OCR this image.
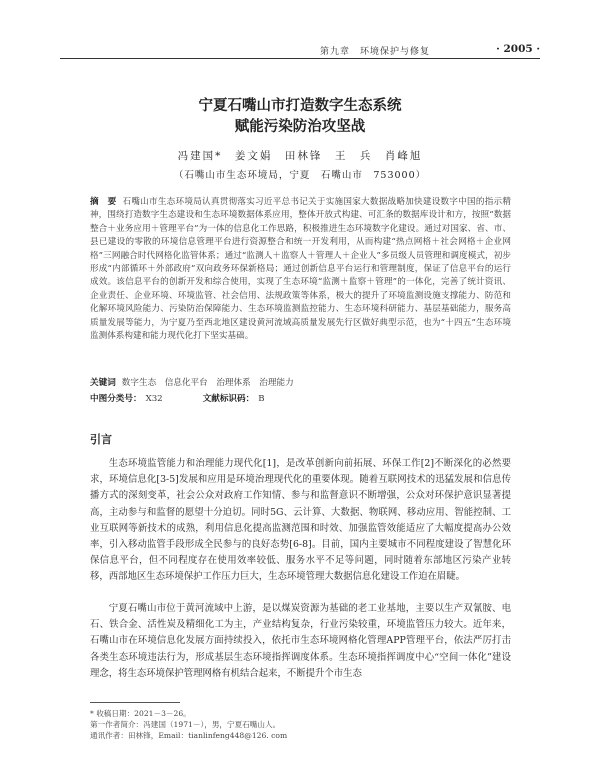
第九章　环境保护与修复	· 2005 ·
宁夏石嘴山市打造数字生态系统
赋能污染防治攻坚战
冯建国*　姜文娟　田林锋　王　兵　肖峰旭
（石嘴山市生态环境局，宁夏　石嘴山市　753000）
摘　要 石嘴山市生态环境局认真贯彻落实习近平总书记关于实施国家大数据战略加快建设数字中国的指示精神，围绕打造数字生态建设和生态环境数据体系应用，整体开放式构建、可汇条的数据库设计和方，按照“数据整合＋业务应用＋管理平台”为一体的信息化工作思路，积极推进生态环境数字化建设。通过对国家、省、市、县已建设的零散的环境信息管理平台进行资源整合和统一开发利用，从而构建“热点网格＋社会网格＋企业网格”三网融合时代网格化监管体系；通过“监测人＋监察人＋管理人＋企业人”多员级人员管理和调度模式，初步形成“内部循环＋外部政府”双向政务环保新格局；通过创新信息平台运行和管理制度，保证了信息平台的运行成效。该信息平台的创新开发和综合使用，实现了生态环境“监测＋监察＋管理”的一体化，完善了统计资讯、企业责任、企业环境、环境监管、社会信用、法规政策等体系，极大的提升了环境监测设施支撑能力、防范和化解环境风险能力、污染防治保障能力、生态环境监测监控能力、生态环境科研能力、基层基础能力，服务高质量发展等能力，为宁夏乃至西北地区建设黄河流域高质量发展先行区做好典型示范，也为“十四五”生态环境监测体系构建和能力现代化打下坚实基础。
关键词 数字生态　信息化平台　治理体系　治理能力
中图分类号： X32	文献标识码： B
引言

生态环境监管能力和治理能力现代化[1]，是改革创新向前拓展、环保工作[2]不断深化的必然要求，环境信息化[3-5]发展和应用是环境治理现代化的重要体现。随着互联网技术的迅猛发展和信息传播方式的深刻变革，社会公众对政府工作知情、参与和监督意识不断增强，公众对环保护意识显著提高，主动参与和监督的愿望十分迫切。同时5G、云计算、大数据、物联网、移动应用、智能控制、工业互联网等新技术的成熟，利用信息化提高监测范围和时效、加强监管效能适应了大幅度提高办公效率，引入移动监管手段形成全民参与的良好态势[6-8]。目前，国内主要城市不同程度建设了智慧化环保信息平台，但不同程度存在使用效率较低、服务水平不足等问题，同时随着东部地区污染产业转移，西部地区生态环境保护工作压力巨大，生态环境管理大数据信息化建设工作迫在眉睫。

宁夏石嘴山市位于黄河流域中上游，是以煤炭资源为基础的老工业基地，主要以生产双氰胺、电石、铁合金、活性炭及精细化工为主，产业结构复杂，行业污染较重，环境监管压力较大。近年来，石嘴山市在环境信息化发展方面持续投入，依托市生态环境网格化管理APP管理平台，依法严厉打击各类生态环境违法行为，形成基层生态环境指挥调度体系。生态环境指挥调度中心“空间一体化”建设理念，将生态环境保护管理网格有机结合起来，不断提升个市生态

* 收稿日期：2021－3－26。
第一作者简介：冯建国（1971－），男，宁夏石嘴山人。
通讯作者：田林锋，Email：tianlinfeng448@126. com
